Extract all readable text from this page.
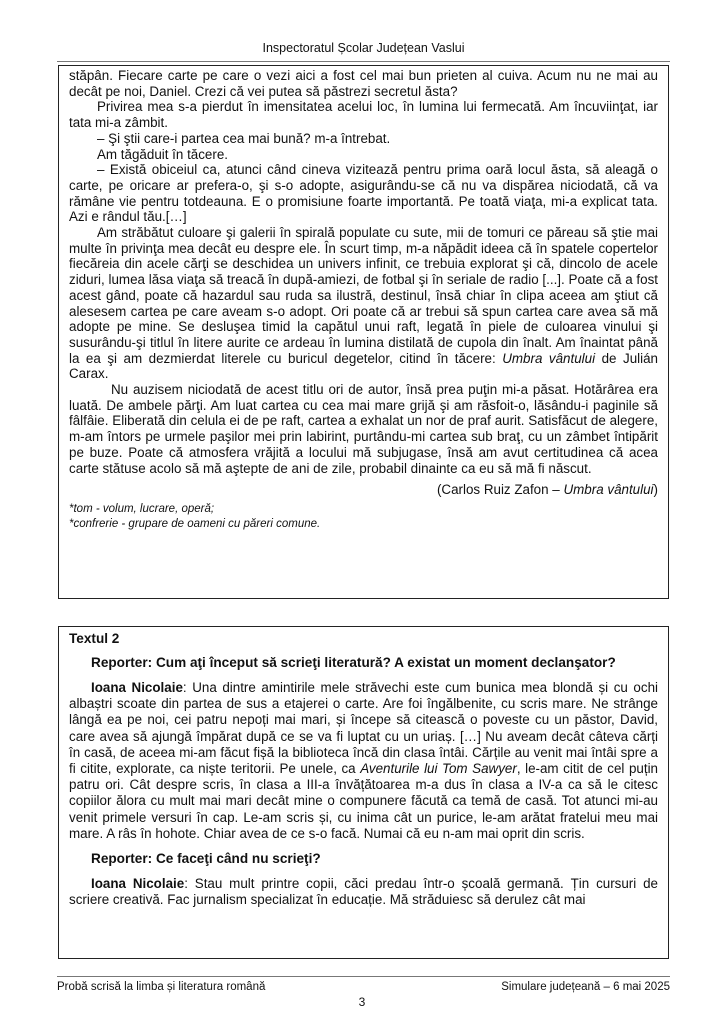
Inspectoratul Școlar Județean Vaslui

stăpân. Fiecare carte pe care o vezi aici a fost cel mai bun prieten al cuiva. Acum nu ne mai au decât pe noi, Daniel. Crezi că vei putea să păstrezi secretul ăsta?

Privirea mea s-a pierdut în imensitatea acelui loc, în lumina lui fermecată. Am încuviinţat, iar tata mi-a zâmbit.

– Şi ştii care-i partea cea mai bună? m-a întrebat.

Am tăgăduit în tăcere.

– Există obiceiul ca, atunci când cineva vizitează pentru prima oară locul ăsta, să aleagă o carte, pe oricare ar prefera-o, şi s-o adopte, asigurându-se că nu va dispărea niciodată, că va rămâne vie pentru totdeauna. E o promisiune foarte importantă. Pe toată viaţa, mi-a explicat tata. Azi e rândul tău.[…]

Am străbătut culoare şi galerii în spirală populate cu sute, mii de tomuri ce păreau să ştie mai multe în privinţa mea decât eu despre ele. În scurt timp, m-a năpădit ideea că în spatele copertelor fiecăreia din acele cărţi se deschidea un univers infinit, ce trebuia explorat şi că, dincolo de acele ziduri, lumea lăsa viaţa să treacă în după-amiezi, de fotbal şi în seriale de radio [...]. Poate că a fost acest gând, poate că hazardul sau ruda sa ilustră, destinul, însă chiar în clipa aceea am ştiut că alesesem cartea pe care aveam s-o adopt. Ori poate că ar trebui să spun cartea care avea să mă adopte pe mine. Se desluşea timid la capătul unui raft, legată în piele de culoarea vinului şi susurându-şi titlul în litere aurite ce ardeau în lumina distilată de cupola din înalt. Am înaintat până la ea şi am dezmierdat literele cu buricul degetelor, citind în tăcere: Umbra vântului de Julián Carax.

Nu auzisem niciodată de acest titlu ori de autor, însă prea puţin mi-a păsat. Hotărârea era luată. De ambele părţi. Am luat cartea cu cea mai mare grijă şi am răsfoit-o, lăsându-i paginile să fâlfâie. Eliberată din celula ei de pe raft, cartea a exhalat un nor de praf aurit. Satisfăcut de alegere, m-am întors pe urmele paşilor mei prin labirint, purtându-mi cartea sub braţ, cu un zâmbet întipărit pe buze. Poate că atmosfera vrăjită a locului mă subjugase, însă am avut certitudinea că acea carte stătuse acolo să mă aştepte de ani de zile, probabil dinainte ca eu să mă fi născut.

(Carlos Ruiz Zafon – Umbra vântului)

*tom - volum, lucrare, operă;

*confrerie - grupare de oameni cu păreri comune.

Textul 2

Reporter: Cum aţi început să scrieţi literatură? A existat un moment declanşator?

Ioana Nicolaie: Una dintre amintirile mele străvechi este cum bunica mea blondă și cu ochi albaștri scoate din partea de sus a etajerei o carte. Are foi îngălbenite, cu scris mare. Ne strânge lângă ea pe noi, cei patru nepoți mai mari, și începe să citească o poveste cu un păstor, David, care avea să ajungă împărat după ce se va fi luptat cu un uriaș. […] Nu aveam decât câteva cărți în casă, de aceea mi-am făcut fișă la biblioteca încă din clasa întâi. Cărțile au venit mai întâi spre a fi citite, explorate, ca niște teritorii. Pe unele, ca Aventurile lui Tom Sawyer, le-am citit de cel puțin patru ori. Cât despre scris, în clasa a III-a învățătoarea m-a dus în clasa a IV-a ca să le citesc copiilor ălora cu mult mai mari decât mine o compunere făcută ca temă de casă. Tot atunci mi-au venit primele versuri în cap. Le-am scris și, cu inima cât un purice, le-am arătat fratelui meu mai mare. A râs în hohote. Chiar avea de ce s-o facă. Numai că eu n-am mai oprit din scris.

Reporter: Ce faceţi când nu scrieţi?

Ioana Nicolaie: Stau mult printre copii, căci predau într-o școală germană. Țin cursuri de scriere creativă. Fac jurnalism specializat în educație. Mă străduiesc să derulez cât mai

Probă scrisă la limba și literatura română	Simulare județeană – 6 mai 2025
3
